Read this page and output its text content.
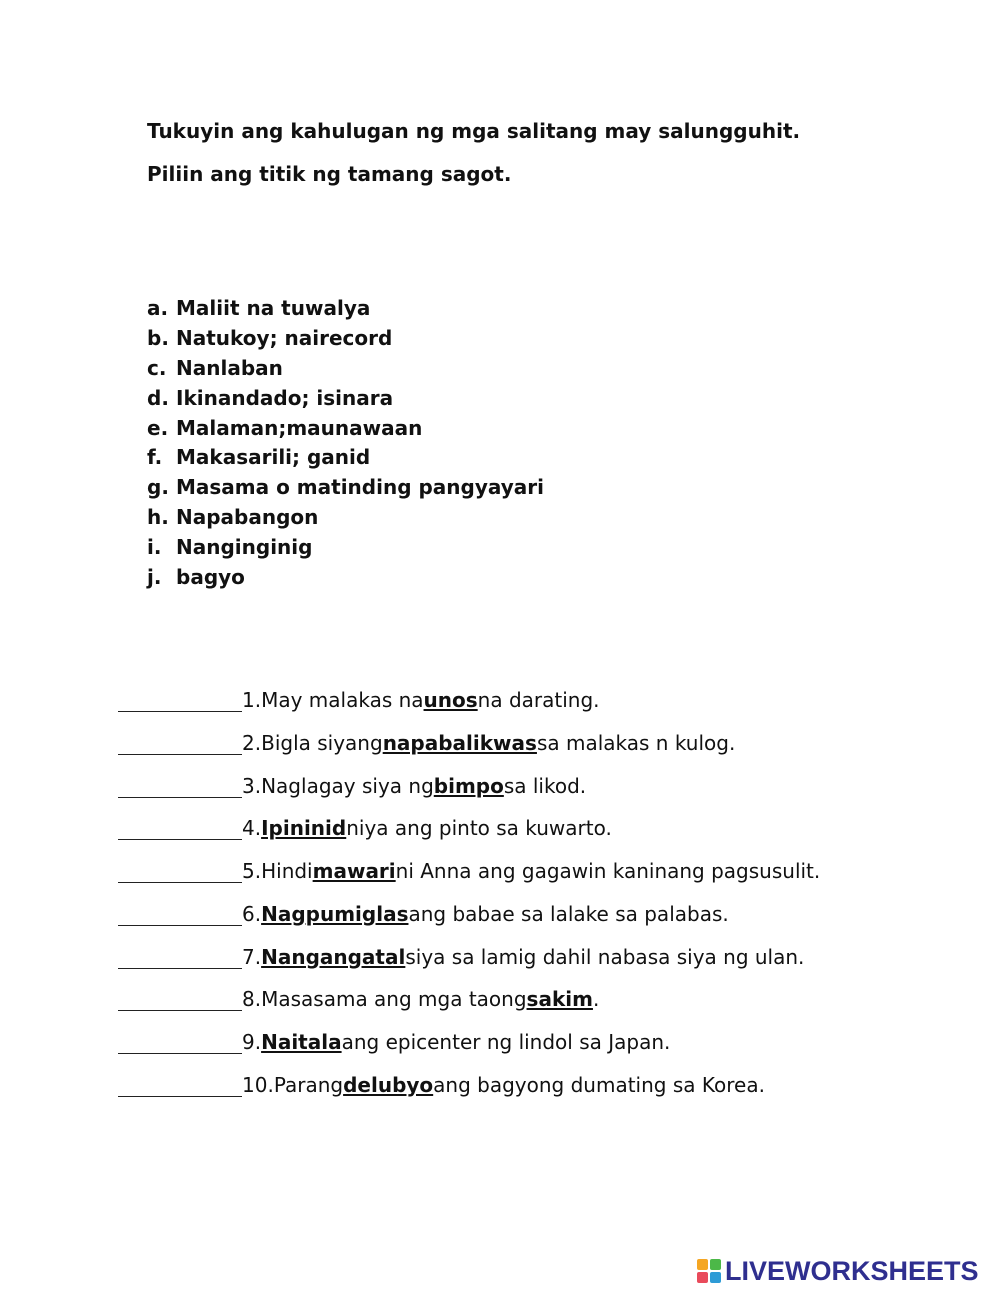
Tukuyin ang kahulugan ng mga salitang may salungguhit.
Piliin ang titik ng tamang sagot.
a. Maliit na tuwalya
b. Natukoy; nairecord
c. Nanlaban
d. Ikinandado; isinara
e. Malaman;maunawaan
f. Makasarili; ganid
g. Masama o matinding pangyayari
h. Napabangon
i. Nanginginig
j. bagyo
1. May malakas na unos na darating.
2. Bigla siyang napabalikwas sa malakas n kulog.
3. Naglagay siya ng bimpo sa likod.
4. Ipininid niya ang pinto sa kuwarto.
5. Hindi mawari ni Anna ang gagawin kaninang pagsusulit.
6. Nagpumiglas ang babae sa lalake sa palabas.
7. Nangangatal siya sa lamig dahil nabasa siya ng ulan.
8. Masasama ang mga taong sakim .
9. Naitala ang epicenter ng lindol sa Japan.
10. Parang delubyo ang bagyong dumating sa Korea.
LIVEWORKSHEETS
